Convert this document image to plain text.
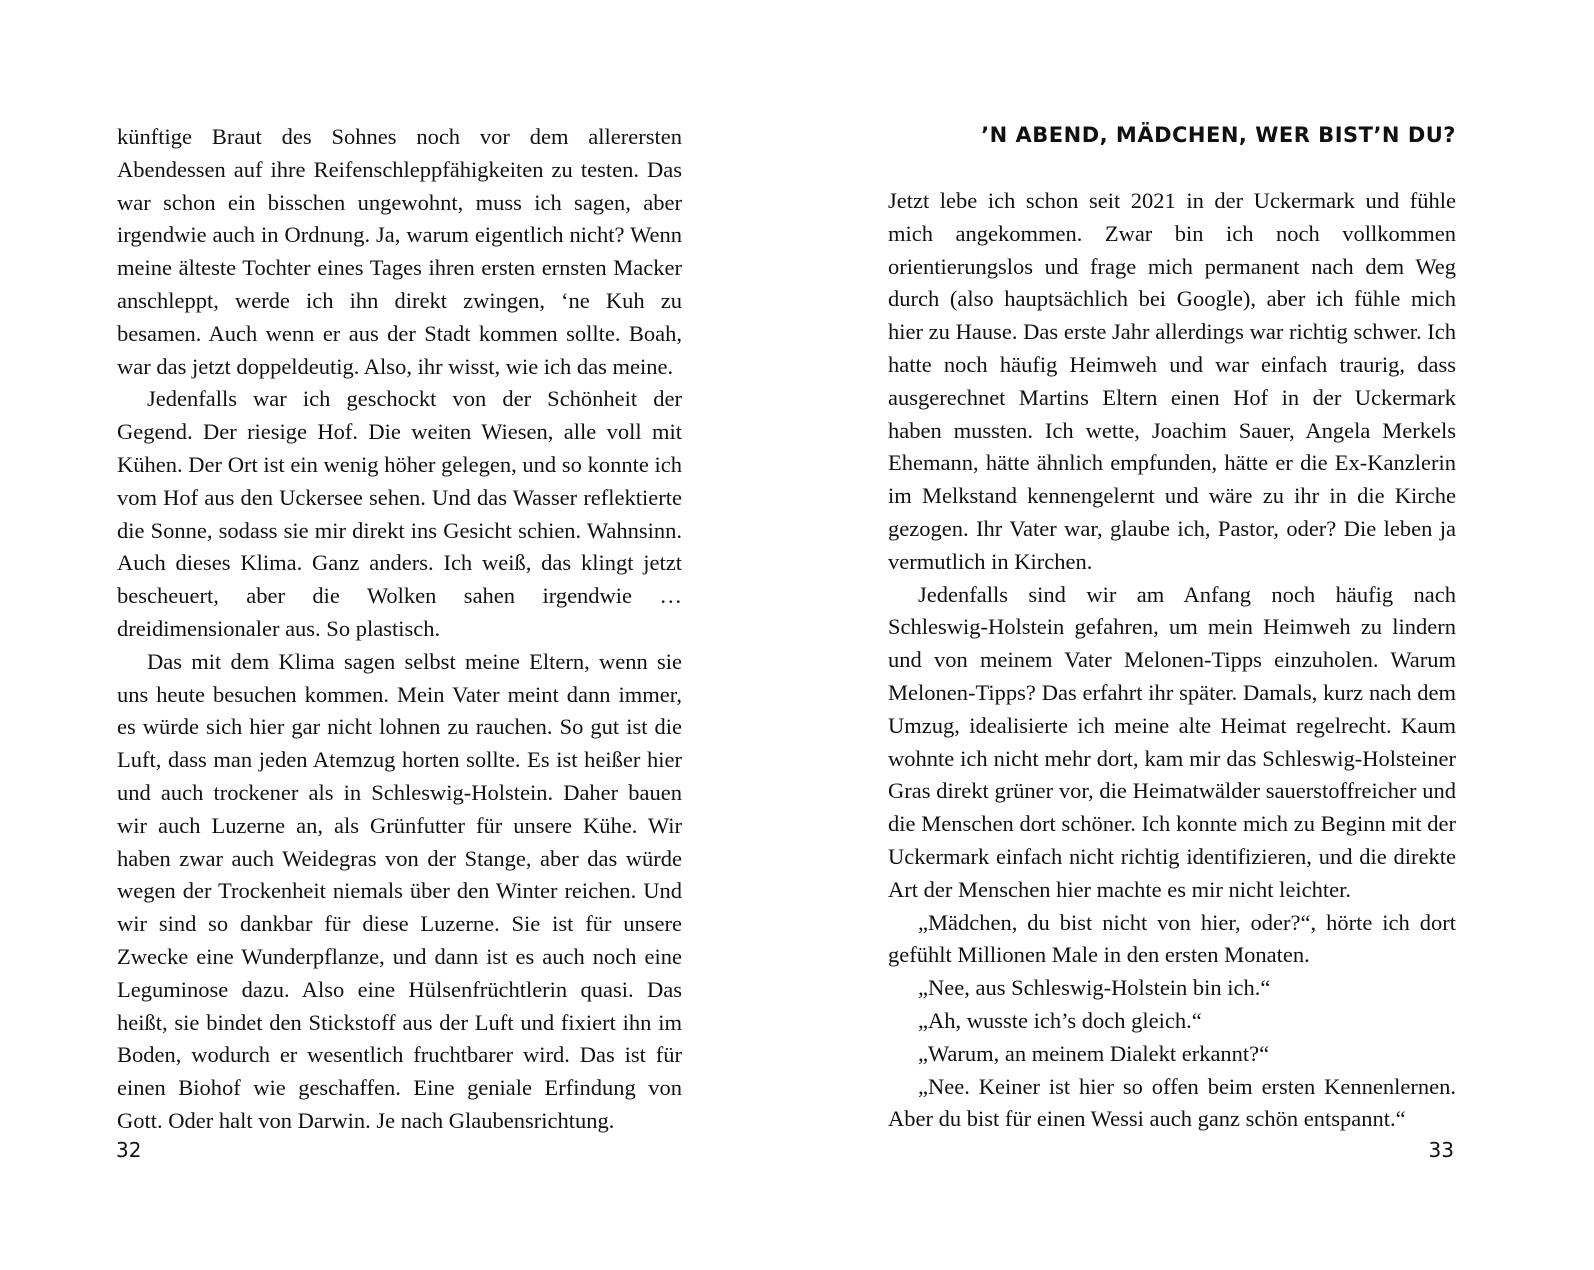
künftige Braut des Sohnes noch vor dem allerersten Abendessen auf ihre Reifenschleppfähigkeiten zu testen. Das war schon ein bisschen ungewohnt, muss ich sagen, aber irgendwie auch in Ordnung. Ja, warum eigentlich nicht? Wenn meine älteste Tochter eines Tages ihren ersten ernsten Macker anschleppt, werde ich ihn direkt zwingen, ‘ne Kuh zu besamen. Auch wenn er aus der Stadt kommen sollte. Boah, war das jetzt doppeldeutig. Also, ihr wisst, wie ich das meine.

Jedenfalls war ich geschockt von der Schönheit der Gegend. Der riesige Hof. Die weiten Wiesen, alle voll mit Kühen. Der Ort ist ein wenig höher gelegen, und so konnte ich vom Hof aus den Uckersee sehen. Und das Wasser reflektierte die Sonne, sodass sie mir direkt ins Gesicht schien. Wahnsinn. Auch dieses Klima. Ganz anders. Ich weiß, das klingt jetzt bescheuert, aber die Wolken sahen irgendwie … dreidimensionaler aus. So plastisch.

Das mit dem Klima sagen selbst meine Eltern, wenn sie uns heute besuchen kommen. Mein Vater meint dann immer, es würde sich hier gar nicht lohnen zu rauchen. So gut ist die Luft, dass man jeden Atemzug horten sollte. Es ist heißer hier und auch trockener als in Schleswig-Holstein. Daher bauen wir auch Luzerne an, als Grünfutter für unsere Kühe. Wir haben zwar auch Weidegras von der Stange, aber das würde wegen der Trockenheit niemals über den Winter reichen. Und wir sind so dankbar für diese Luzerne. Sie ist für unsere Zwecke eine Wunderpflanze, und dann ist es auch noch eine Leguminose dazu. Also eine Hülsenfrüchtlerin quasi. Das heißt, sie bindet den Stickstoff aus der Luft und fixiert ihn im Boden, wodurch er wesentlich fruchtbarer wird. Das ist für einen Biohof wie geschaffen. Eine geniale Erfindung von Gott. Oder halt von Darwin. Je nach Glaubensrichtung.

32
’N ABEND, MÄDCHEN, WER BIST’N DU?

Jetzt lebe ich schon seit 2021 in der Uckermark und fühle mich angekommen. Zwar bin ich noch vollkommen orientierungslos und frage mich permanent nach dem Weg durch (also hauptsächlich bei Google), aber ich fühle mich hier zu Hause. Das erste Jahr allerdings war richtig schwer. Ich hatte noch häufig Heimweh und war einfach traurig, dass ausgerechnet Martins Eltern einen Hof in der Uckermark haben mussten. Ich wette, Joachim Sauer, Angela Merkels Ehemann, hätte ähnlich empfunden, hätte er die Ex-Kanzlerin im Melkstand kennengelernt und wäre zu ihr in die Kirche gezogen. Ihr Vater war, glaube ich, Pastor, oder? Die leben ja vermutlich in Kirchen.

Jedenfalls sind wir am Anfang noch häufig nach Schleswig-Holstein gefahren, um mein Heimweh zu lindern und von meinem Vater Melonen-Tipps einzuholen. Warum Melonen-Tipps? Das erfahrt ihr später. Damals, kurz nach dem Umzug, idealisierte ich meine alte Heimat regelrecht. Kaum wohnte ich nicht mehr dort, kam mir das Schleswig-Holsteiner Gras direkt grüner vor, die Heimatwälder sauerstoffreicher und die Menschen dort schöner. Ich konnte mich zu Beginn mit der Uckermark einfach nicht richtig identifizieren, und die direkte Art der Menschen hier machte es mir nicht leichter.

„Mädchen, du bist nicht von hier, oder?“, hörte ich dort gefühlt Millionen Male in den ersten Monaten.

„Nee, aus Schleswig-Holstein bin ich.“

„Ah, wusste ich’s doch gleich.“

„Warum, an meinem Dialekt erkannt?“

„Nee. Keiner ist hier so offen beim ersten Kennenlernen. Aber du bist für einen Wessi auch ganz schön entspannt.“

33
